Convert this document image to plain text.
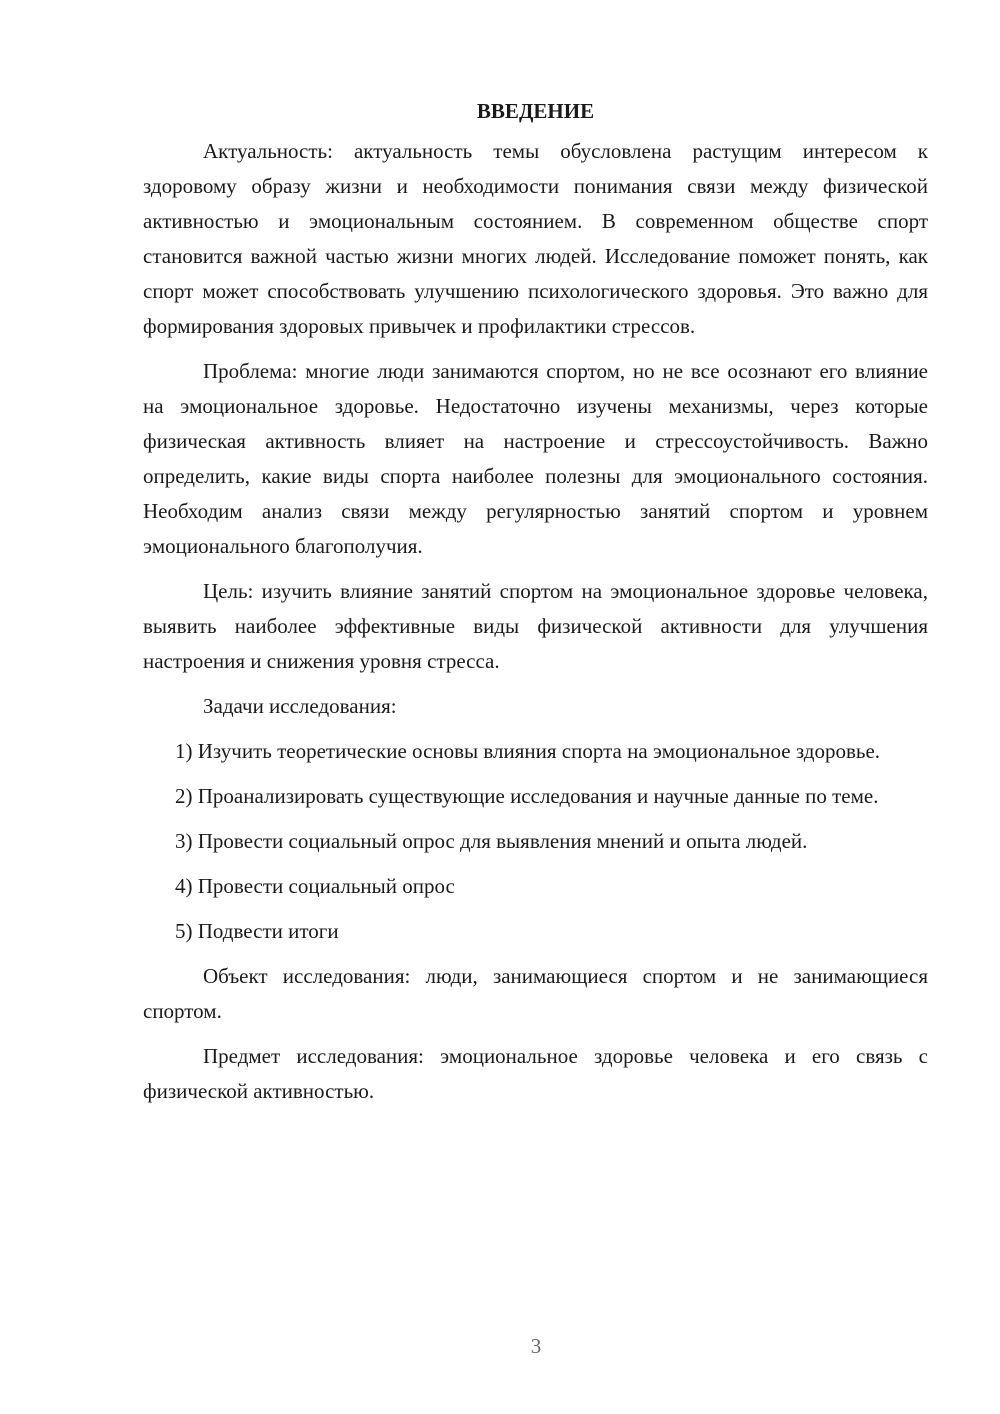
ВВЕДЕНИЕ

Актуальность: актуальность темы обусловлена растущим интересом к здоровому образу жизни и необходимости понимания связи между физической активностью и эмоциональным состоянием. В современном обществе спорт становится важной частью жизни многих людей. Исследование поможет понять, как спорт может способствовать улучшению психологического здоровья. Это важно для формирования здоровых привычек и профилактики стрессов.

Проблема: многие люди занимаются спортом, но не все осознают его влияние на эмоциональное здоровье. Недостаточно изучены механизмы, через которые физическая активность влияет на настроение и стрессоустойчивость. Важно определить, какие виды спорта наиболее полезны для эмоционального состояния. Необходим анализ связи между регулярностью занятий спортом и уровнем эмоционального благополучия.

Цель: изучить влияние занятий спортом на эмоциональное здоровье человека, выявить наиболее эффективные виды физической активности для улучшения настроения и снижения уровня стресса.

Задачи исследования:

1) Изучить теоретические основы влияния спорта на эмоциональное здоровье.

2) Проанализировать существующие исследования и научные данные по теме.

3) Провести социальный опрос для выявления мнений и опыта людей.

4) Провести социальный опрос

5) Подвести итоги

Объект исследования: люди, занимающиеся спортом и не занимающиеся спортом.

Предмет исследования: эмоциональное здоровье человека и его связь с физической активностью.

3
